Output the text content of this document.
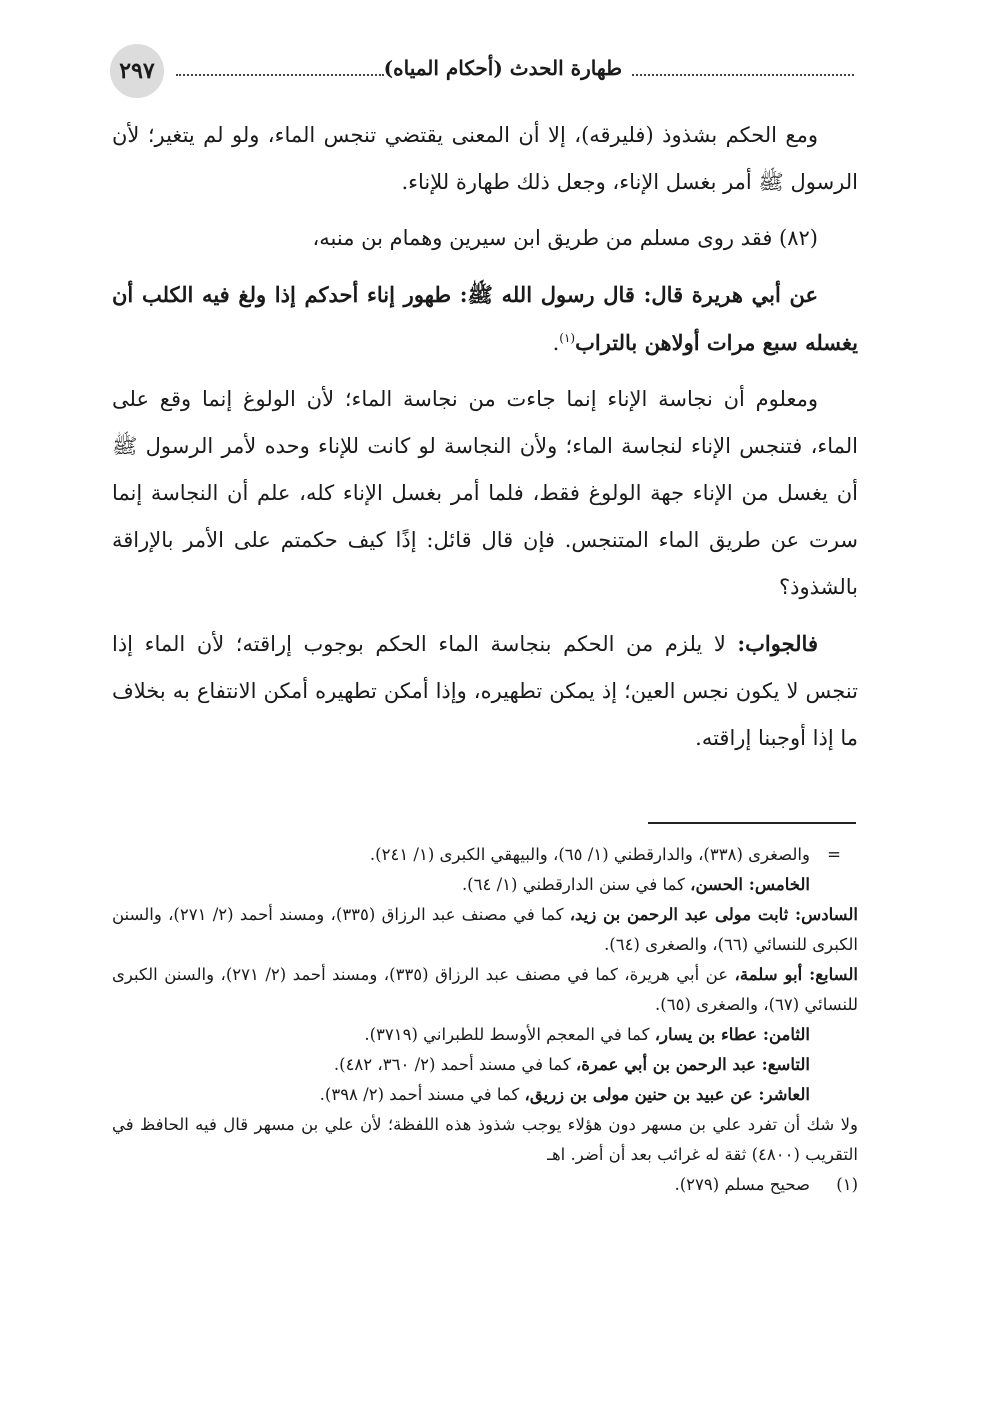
٢٩٧	طهارة الحدث (أحكام المياه)

ومع الحكم بشذوذ (فليرقه)، إلا أن المعنى يقتضي تنجس الماء، ولو لم يتغير؛ لأن الرسول ﷺ أمر بغسل الإناء، وجعل ذلك طهارة للإناء.

(٨٢) فقد روى مسلم من طريق ابن سيرين وهمام بن منبه،

عن أبي هريرة قال: قال رسول الله ﷺ: طهور إناء أحدكم إذا ولغ فيه الكلب أن يغسله سبع مرات أولاهن بالتراب$^{(١)}$.

ومعلوم أن نجاسة الإناء إنما جاءت من نجاسة الماء؛ لأن الولوغ إنما وقع على الماء، فتنجس الإناء لنجاسة الماء؛ ولأن النجاسة لو كانت للإناء وحده لأمر الرسول ﷺ أن يغسل من الإناء جهة الولوغ فقط، فلما أمر بغسل الإناء كله، علم أن النجاسة إنما سرت عن طريق الماء المتنجس. فإن قال قائل: إذًا كيف حكمتم على الأمر بالإراقة بالشذوذ؟

فالجواب: لا يلزم من الحكم بنجاسة الماء الحكم بوجوب إراقته؛ لأن الماء إذا تنجس لا يكون نجس العين؛ إذ يمكن تطهيره، وإذا أمكن تطهيره أمكن الانتفاع به بخلاف ما إذا أوجبنا إراقته.

=والصغرى (٣٣٨)، والدارقطني (١/ ٦٥)، والبيهقي الكبرى (١/ ٢٤١).
الخامس: الحسن، كما في سنن الدارقطني (١/ ٦٤).
السادس: ثابت مولى عبد الرحمن بن زيد، كما في مصنف عبد الرزاق (٣٣٥)، ومسند أحمد (٢/ ٢٧١)، والسنن الكبرى للنسائي (٦٦)، والصغرى (٦٤).
السابع: أبو سلمة، عن أبي هريرة، كما في مصنف عبد الرزاق (٣٣٥)، ومسند أحمد (٢/ ٢٧١)، والسنن الكبرى للنسائي (٦٧)، والصغرى (٦٥).
الثامن: عطاء بن يسار، كما في المعجم الأوسط للطبراني (٣٧١٩).
التاسع: عبد الرحمن بن أبي عمرة، كما في مسند أحمد (٢/ ٣٦٠، ٤٨٢).
العاشر: عن عبيد بن حنين مولى بن زريق، كما في مسند أحمد (٢/ ٣٩٨).
ولا شك أن تفرد علي بن مسهر دون هؤلاء يوجب شذوذ هذه اللفظة؛ لأن علي بن مسهر قال فيه الحافظ في التقريب (٤٨٠٠) ثقة له غرائب بعد أن أضر. اهـ
(١)صحيح مسلم (٢٧٩).
